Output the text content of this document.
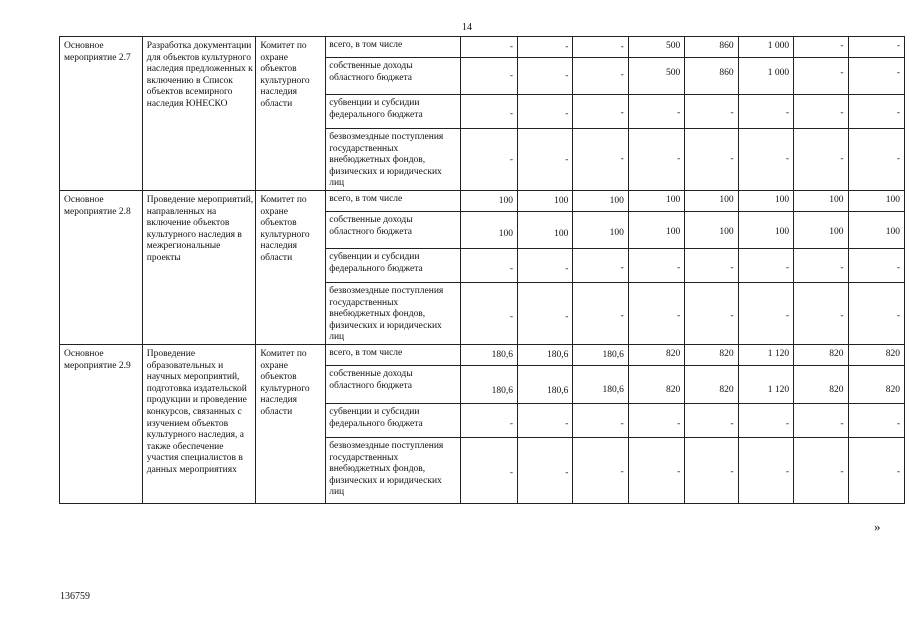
14
Основное мероприятие 2.7	Разработка документации для объектов культурного наследия предложенных к включению в Список объектов всемирного наследия ЮНЕСКО	Комитет по охране объектов культурного наследия области	всего, в том числе	-	-	-	500	860	1 000	-	-

			собственные доходы областного бюджета	-	-	-	500	860	1 000	-	-

			субвенции и субсидии федерального бюджета	-	-	-	-	-	-	-	-

			безвозмездные поступления государственных внебюджетных фондов, физических и юридических лиц	-	-	-	-	-	-	-	-

Основное мероприятие 2.8	Проведение мероприятий, направленных на включение объектов культурного наследия в межрегиональные проекты	Комитет по охране объектов культурного наследия области	всего, в том числе	100	100	100	100	100	100	100	100

			собственные доходы областного бюджета	100	100	100	100	100	100	100	100

			субвенции и субсидии федерального бюджета	-	-	-	-	-	-	-	-

			безвозмездные поступления государственных внебюджетных фондов, физических и юридических лиц	-	-	-	-	-	-	-	-

Основное мероприятие 2.9	Проведение образовательных и научных мероприятий, подготовка издательской продукции и проведение конкурсов, связанных с изучением объектов культурного наследия, а также обеспечение участия специалистов в данных мероприятиях	Комитет по охране объектов культурного наследия области	всего, в том числе	180,6	180,6	180,6	820	820	1 120	820	820

			собственные доходы областного бюджета	180,6	180,6	180,6	820	820	1 120	820	820

			субвенции и субсидии федерального бюджета	-	-	-	-	-	-	-	-

			безвозмездные поступления государственных внебюджетных фондов, физических и юридических лиц	-	-	-	-	-	-	-	-
»
136759
